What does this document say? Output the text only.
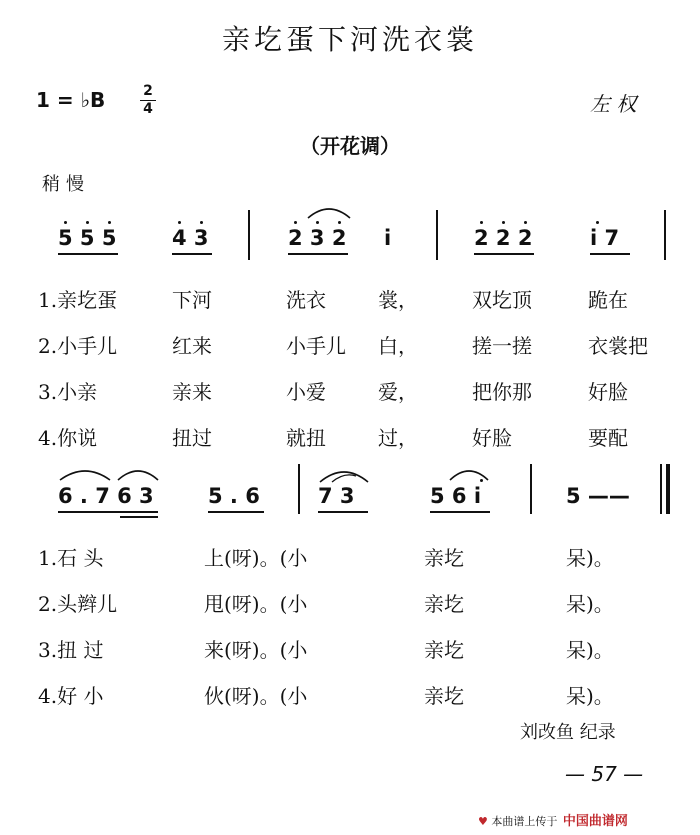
亲圪蛋下河洗衣裳
1 = ♭B	2
4	左 权
（开花调）
稍慢
5 5 5	4 3	2 3 2 i	2 2 2	i 7
1.亲圪蛋	下河	洗衣	裳，	双圪顶	跪在
2.小手儿	红来	小手儿 白，	搓一搓	衣裳把
3.小亲	亲来	小爱	爱，	把你那	好脸
4.你说	扭过	就扭	过，	好脸	要配
6 . 7 6 3	5 . 6	7 3	5 6 i	5 ——
1.石 头	上(呀)。(小	亲圪	呆)。
2.头辫儿	甩(呀)。(小	亲圪	呆)。
3.扭 过	来(呀)。(小	亲圪	呆)。
4.好 小	伙(呀)。(小	亲圪	呆)。
刘改鱼 纪录
— 57 —
♥ 本曲谱上传于 中国曲谱网
